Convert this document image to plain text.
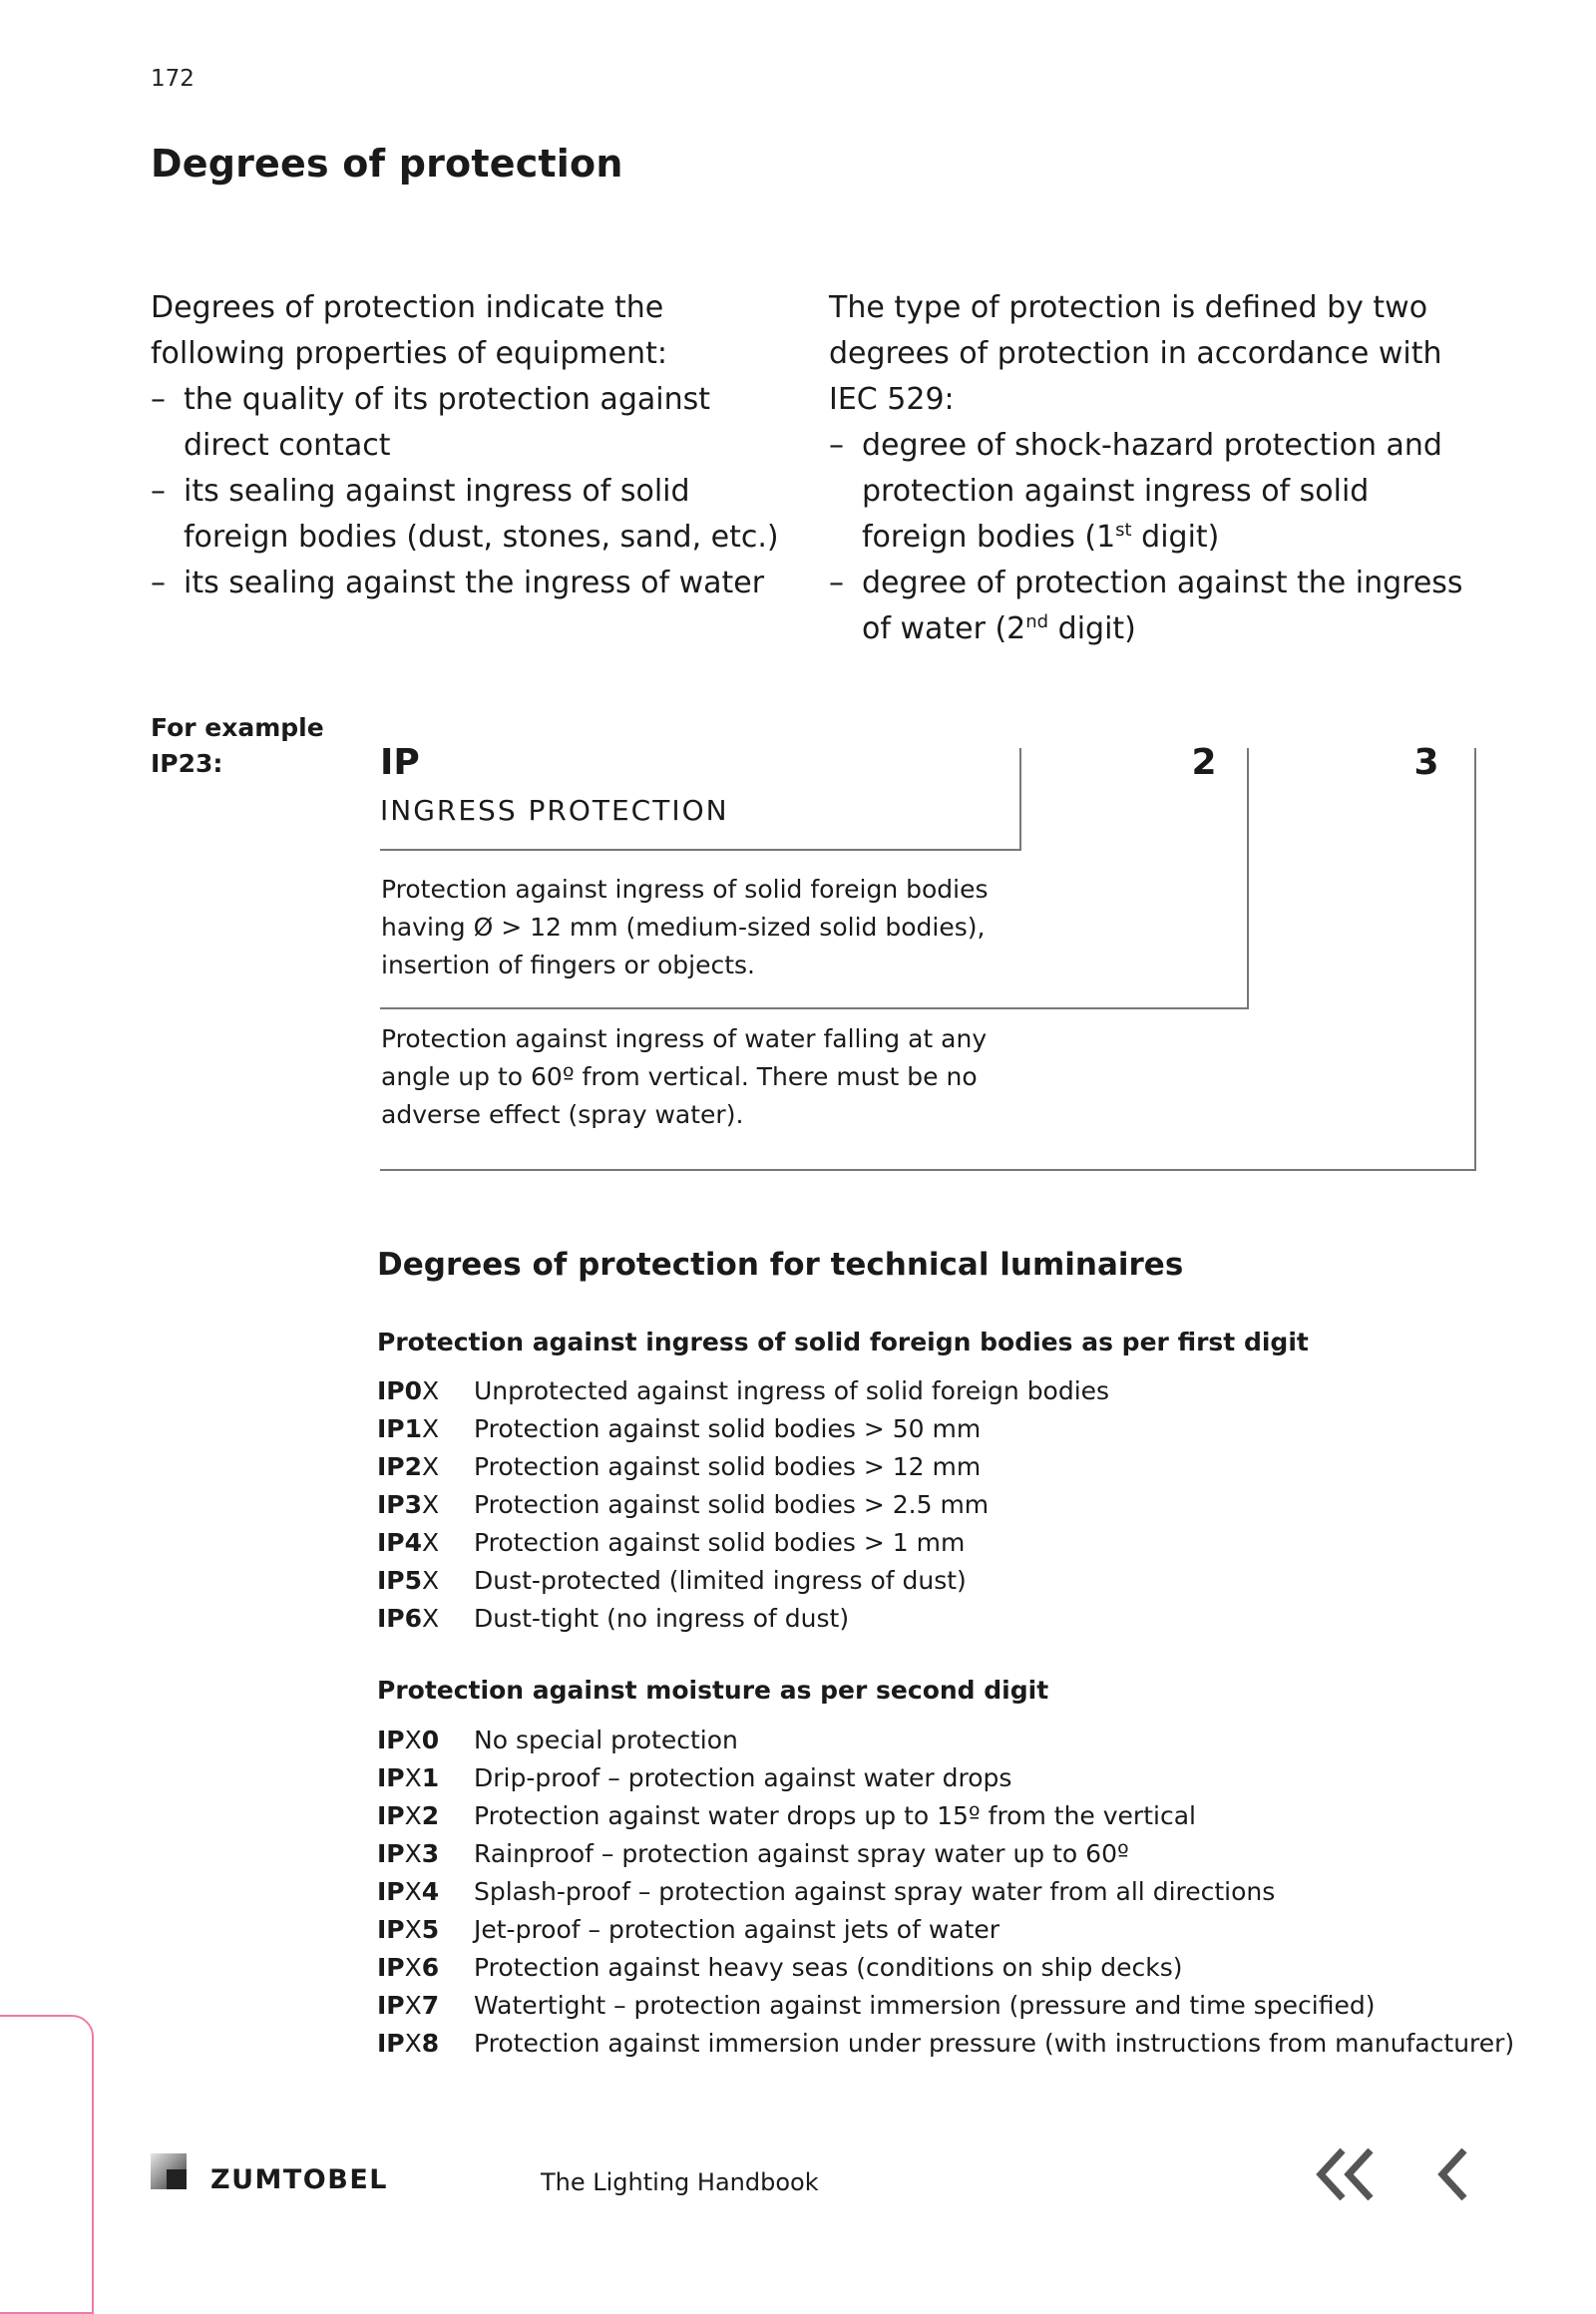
172
Degrees of protection

Degrees of protection indicate the following properties of equipment:

– the quality of its protection against direct contact
– its sealing against ingress of solid foreign bodies (dust, stones, sand, etc.)
– its sealing against the ingress of water

The type of protection is defined by two degrees of protection in accordance with IEC 529:

– degree of shock-hazard protection and protection against ingress of solid foreign bodies (1st digit)
– degree of protection against the ingress of water (2nd digit)
For example
IP23:	IP	2	3
INGRESS PROTECTION
Protection against ingress of solid foreign bodies having Ø > 12 mm (medium-sized solid bodies), insertion of fingers or objects.
Protection against ingress of water falling at any angle up to 60º from vertical. There must be no adverse effect (spray water).
Degrees of protection for technical luminaires
Protection against ingress of solid foreign bodies as per first digit
IP0X	Unprotected against ingress of solid foreign bodies
IP1X	Protection against solid bodies > 50 mm
IP2X	Protection against solid bodies > 12 mm
IP3X	Protection against solid bodies > 2.5 mm
IP4X	Protection against solid bodies > 1 mm
IP5X	Dust-protected (limited ingress of dust)
IP6X	Dust-tight (no ingress of dust)
Protection against moisture as per second digit
IPX0	No special protection
IPX1	Drip-proof – protection against water drops
IPX2	Protection against water drops up to 15º from the vertical
IPX3	Rainproof – protection against spray water up to 60º
IPX4	Splash-proof – protection against spray water from all directions
IPX5	Jet-proof – protection against jets of water
IPX6	Protection against heavy seas (conditions on ship decks)
IPX7	Watertight – protection against immersion (pressure and time specified)
IPX8	Protection against immersion under pressure (with instructions from manufacturer)
ZUMTOBEL	The Lighting Handbook
